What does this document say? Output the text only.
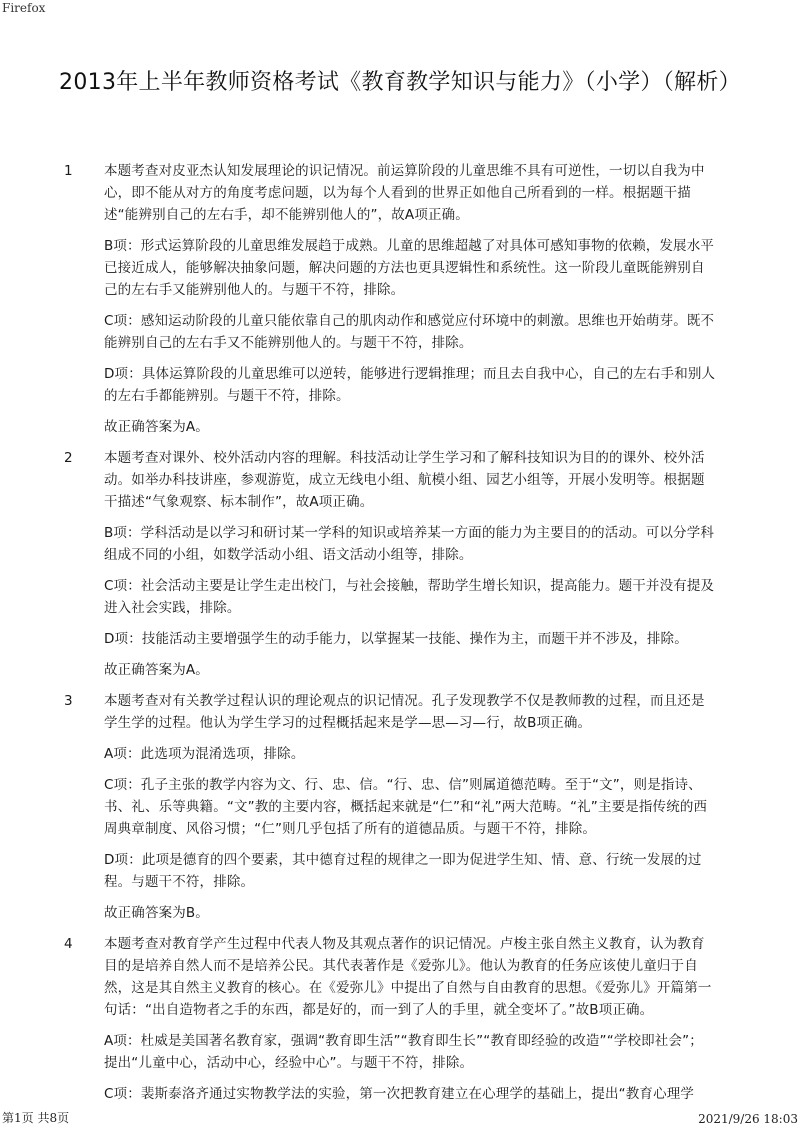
Firefox
2013年上半年教师资格考试《教育教学知识与能力》（小学）（解析）
1 本题考查对皮亚杰认知发展理论的识记情况。前运算阶段的儿童思维不具有可逆性，一切以自我为中心，即不能从对方的角度考虑问题，以为每个人看到的世界正如他自己所看到的一样。根据题干描述“能辨别自己的左右手，却不能辨别他人的”，故A项正确。

B项：形式运算阶段的儿童思维发展趋于成熟。儿童的思维超越了对具体可感知事物的依赖，发展水平已接近成人，能够解决抽象问题，解决问题的方法也更具逻辑性和系统性。这一阶段儿童既能辨别自己的左右手又能辨别他人的。与题干不符，排除。

C项：感知运动阶段的儿童只能依靠自己的肌肉动作和感觉应付环境中的刺激。思维也开始萌芽。既不能辨别自己的左右手又不能辨别他人的。与题干不符，排除。

D项：具体运算阶段的儿童思维可以逆转，能够进行逻辑推理；而且去自我中心，自己的左右手和别人的左右手都能辨别。与题干不符，排除。

故正确答案为A。

2 本题考查对课外、校外活动内容的理解。科技活动让学生学习和了解科技知识为目的的课外、校外活动。如举办科技讲座，参观游览，成立无线电小组、航模小组、园艺小组等，开展小发明等。根据题干描述“气象观察、标本制作”，故A项正确。

B项：学科活动是以学习和研讨某一学科的知识或培养某一方面的能力为主要目的的活动。可以分学科组成不同的小组，如数学活动小组、语文活动小组等，排除。

C项：社会活动主要是让学生走出校门，与社会接触，帮助学生增长知识，提高能力。题干并没有提及进入社会实践，排除。

D项：技能活动主要增强学生的动手能力，以掌握某一技能、操作为主，而题干并不涉及，排除。

故正确答案为A。

3 本题考查对有关教学过程认识的理论观点的识记情况。孔子发现教学不仅是教师教的过程，而且还是学生学的过程。他认为学生学习的过程概括起来是学—思—习—行，故B项正确。

A项：此选项为混淆选项，排除。

C项：孔子主张的教学内容为文、行、忠、信。“行、忠、信”则属道德范畴。至于“文”，则是指诗、书、礼、乐等典籍。“文”教的主要内容，概括起来就是“仁”和“礼”两大范畴。“礼”主要是指传统的西周典章制度、风俗习惯；“仁”则几乎包括了所有的道德品质。与题干不符，排除。

D项：此项是德育的四个要素，其中德育过程的规律之一即为促进学生知、情、意、行统一发展的过程。与题干不符，排除。

故正确答案为B。

4 本题考查对教育学产生过程中代表人物及其观点著作的识记情况。卢梭主张自然主义教育，认为教育目的是培养自然人而不是培养公民。其代表著作是《爱弥儿》。他认为教育的任务应该使儿童归于自然，这是其自然主义教育的核心。在《爱弥儿》中提出了自然与自由教育的思想。《爱弥儿》开篇第一句话：“出自造物者之手的东西，都是好的，而一到了人的手里，就全变坏了。”故B项正确。

A项：杜威是美国著名教育家，强调“教育即生活”“教育即生长”“教育即经验的改造”“学校即社会”；提出“儿童中心，活动中心，经验中心”。与题干不符，排除。

C项：裴斯泰洛齐通过实物教学法的实验，第一次把教育建立在心理学的基础上，提出“教育心理学

第1页 共8页	2021/9/26 18:03
